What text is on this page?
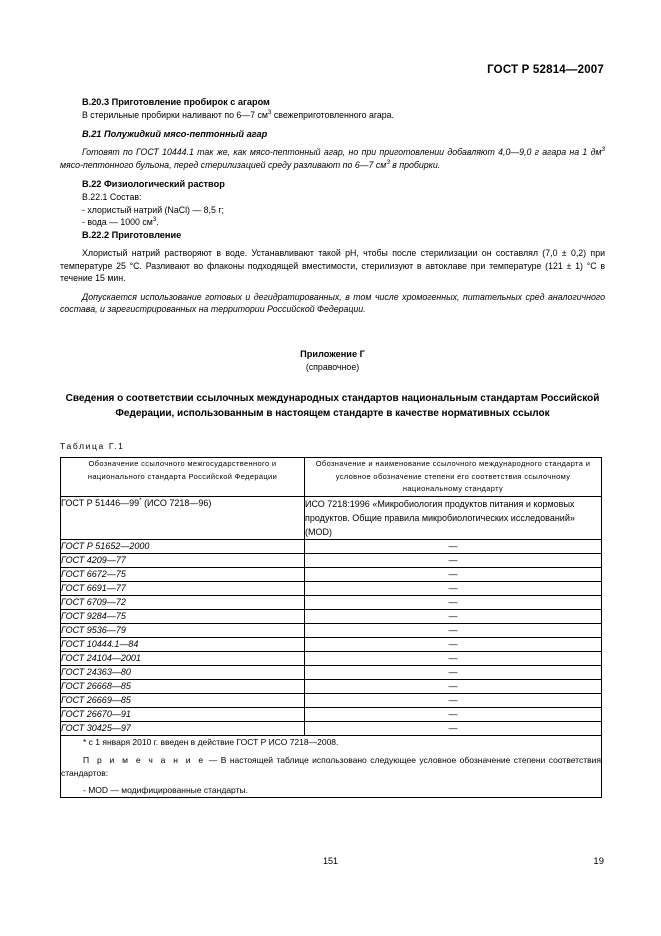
ГОСТ Р 52814—2007
В.20.3 Приготовление пробирок с агаром
В стерильные пробирки наливают по 6—7 $см^3$ свежеприготовленного агара.
В.21 Полужидкий мясо-пептонный агар
Готовят по ГОСТ 10444.1 так же, как мясо-пептонный агар, но при приготовлении добавляют 4,0—9,0 г агара на 1 $дм^3$ мясо-пептонного бульона, перед стерилизацией среду разливают по 6—7 $см^3$ в пробирки.
В.22 Физиологический раствор
В.22.1 Состав:
- хлористый натрий (NaCl) — 8,5 г;
- вода — 1000 $см^3$.
В.22.2 Приготовление
Хлористый натрий растворяют в воде. Устанавливают такой рН, чтобы после стерилизации он составлял (7,0 ± 0,2) при температуре 25 °С. Разливают во флаконы подходящей вместимости, стерилизуют в автоклаве при температуре (121 ± 1) °С в течение 15 мин.
Допускается использование готовых и дегидратированных, в том числе хромогенных, питательных сред аналогичного состава, и зарегистрированных на территории Российской Федерации.
Приложение Г
(справочное)
Сведения о соответствии ссылочных международных стандартов национальным стандартам Российской Федерации, использованным в настоящем стандарте в качестве нормативных ссылок
Таблица Г.1
Обозначение ссылочного межгосударственного и национального стандарта Российской Федерации	Обозначение и наименование ссылочного международного стандарта и условное обозначение степени его соответствия ссылочному национальному стандарту
ГОСТ Р 51446—99* (ИСО 7218—96)	ИСО 7218:1996 «Микробиология продуктов питания и кормовых продуктов. Общие правила микробиологических исследований» (MOD)
ГОСТ Р 51652—2000	—
ГОСТ 4209—77	—
ГОСТ 6672—75	—
ГОСТ 6691—77	—
ГОСТ 6709—72	—
ГОСТ 9284—75	—
ГОСТ 9536—79	—
ГОСТ 10444.1—84	—
ГОСТ 24104—2001	—
ГОСТ 24363—80	—
ГОСТ 26668—85	—
ГОСТ 26669—85	—
ГОСТ 26670—91	—
ГОСТ 30425—97	—

* с 1 января 2010 г. введен в действие ГОСТ Р ИСО 7218—2008.

П р и м е ч а н и е — В настоящей таблице использовано следующее условное обозначение степени соответствия стандартов:

- MOD — модифицированные стандарты.	

151	19
